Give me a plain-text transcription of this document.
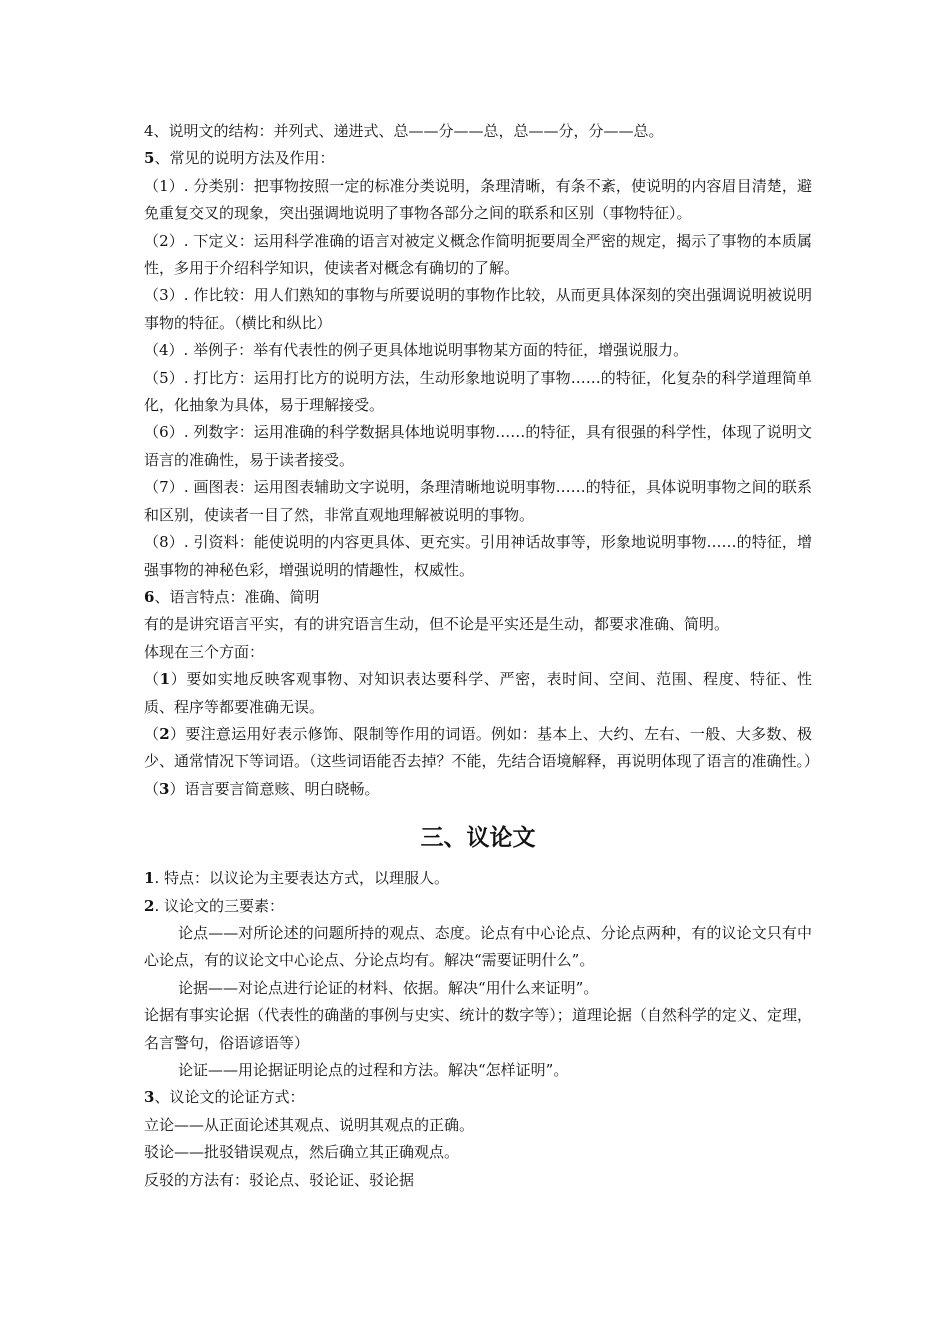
4、说明文的结构：并列式、递进式、总——分——总，总——分，分——总。

5、常见的说明方法及作用：

（1）. 分类别：把事物按照一定的标准分类说明，条理清晰，有条不紊，使说明的内容眉目清楚，避免重复交叉的现象，突出强调地说明了事物各部分之间的联系和区别（事物特征）。

（2）. 下定义：运用科学准确的语言对被定义概念作简明扼要周全严密的规定，揭示了事物的本质属性，多用于介绍科学知识，使读者对概念有确切的了解。

（3）. 作比较：用人们熟知的事物与所要说明的事物作比较，从而更具体深刻的突出强调说明被说明事物的特征。（横比和纵比）

（4）. 举例子：举有代表性的例子更具体地说明事物某方面的特征，增强说服力。

（5）. 打比方：运用打比方的说明方法，生动形象地说明了事物……的特征，化复杂的科学道理简单化，化抽象为具体，易于理解接受。

（6）. 列数字：运用准确的科学数据具体地说明事物……的特征，具有很强的科学性，体现了说明文语言的准确性，易于读者接受。

（7）. 画图表：运用图表辅助文字说明，条理清晰地说明事物……的特征，具体说明事物之间的联系和区别，使读者一目了然，非常直观地理解被说明的事物。

（8）. 引资料：能使说明的内容更具体、更充实。引用神话故事等，形象地说明事物……的特征，增强事物的神秘色彩，增强说明的情趣性，权威性。

6、语言特点：准确、简明

有的是讲究语言平实，有的讲究语言生动，但不论是平实还是生动，都要求准确、简明。

体现在三个方面：

（1）要如实地反映客观事物、对知识表达要科学、严密，表时间、空间、范围、程度、特征、性质、程序等都要准确无误。

（2）要注意运用好表示修饰、限制等作用的词语。例如：基本上、大约、左右、一般、大多数、极少、通常情况下等词语。（这些词语能否去掉？不能，先结合语境解释，再说明体现了语言的准确性。）

（3）语言要言简意赅、明白晓畅。

三、议论文

1. 特点：以议论为主要表达方式，以理服人。

2. 议论文的三要素：

论点——对所论述的问题所持的观点、态度。论点有中心论点、分论点两种，有的议论文只有中心论点，有的议论文中心论点、分论点均有。解决“需要证明什么”。

论据——对论点进行论证的材料、依据。解决“用什么来证明”。

论据有事实论据（代表性的确凿的事例与史实、统计的数字等）；道理论据（自然科学的定义、定理，名言警句，俗语谚语等）

论证——用论据证明论点的过程和方法。解决“怎样证明”。

3、议论文的论证方式：

立论——从正面论述其观点、说明其观点的正确。

驳论——批驳错误观点，然后确立其正确观点。

反驳的方法有：驳论点、驳论证、驳论据
